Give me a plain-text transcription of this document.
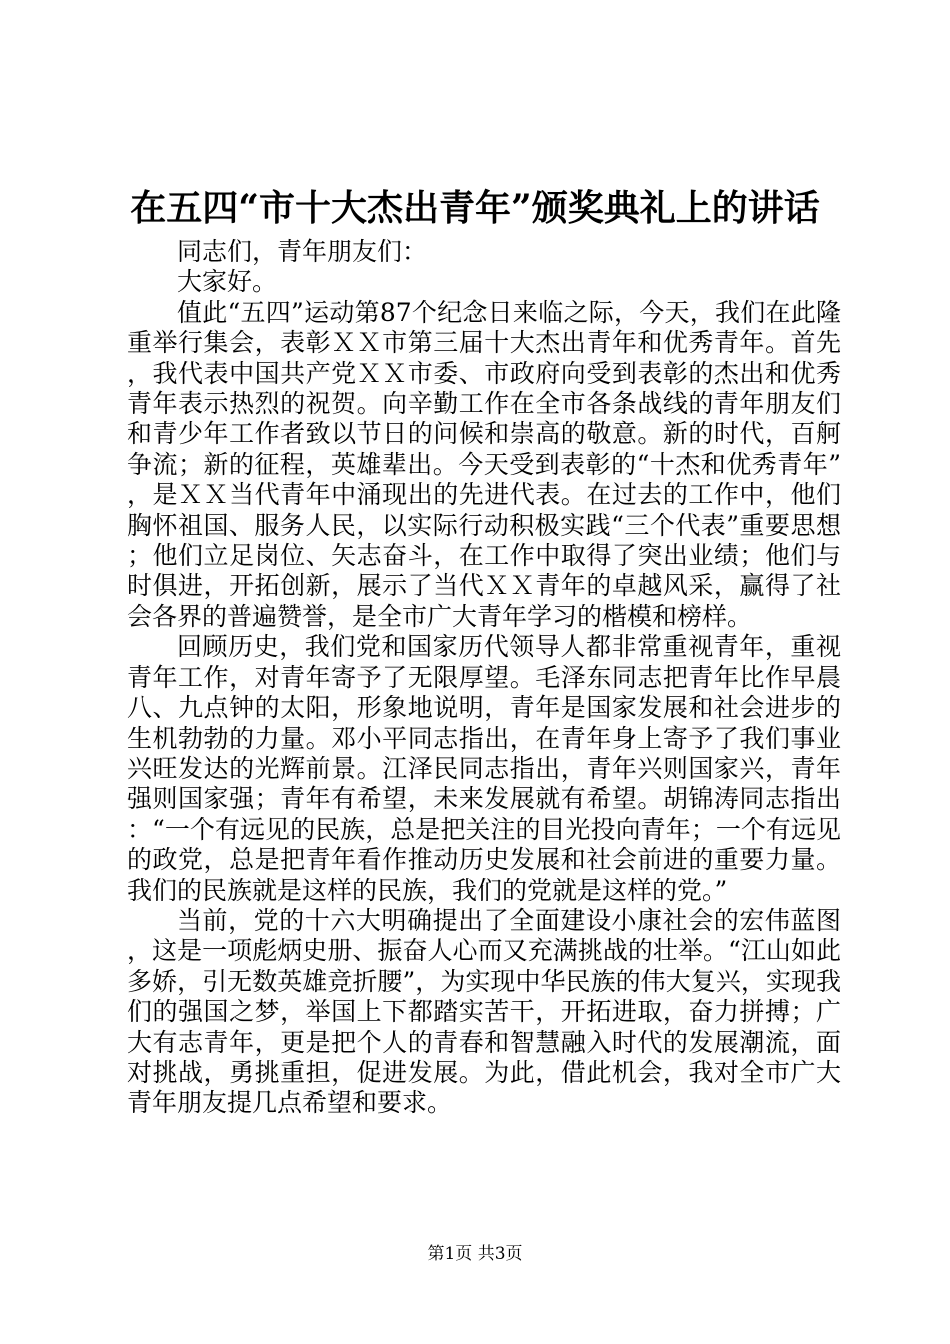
在五四“市十大杰出青年”颁奖典礼上的讲话

同志们，青年朋友们：

大家好。

值此“五四”运动第87个纪念日来临之际，今天，我们在此隆重举行集会，表彰ＸＸ市第三届十大杰出青年和优秀青年。首先，我代表中国共产党ＸＸ市委、市政府向受到表彰的杰出和优秀青年表示热烈的祝贺。向辛勤工作在全市各条战线的青年朋友们和青少年工作者致以节日的问候和崇高的敬意。新的时代，百舸争流；新的征程，英雄辈出。今天受到表彰的“十杰和优秀青年”，是ＸＸ当代青年中涌现出的先进代表。在过去的工作中，他们胸怀祖国、服务人民，以实际行动积极实践“三个代表”重要思想；他们立足岗位、矢志奋斗，在工作中取得了突出业绩；他们与时俱进，开拓创新，展示了当代ＸＸ青年的卓越风采，赢得了社会各界的普遍赞誉，是全市广大青年学习的楷模和榜样。

回顾历史，我们党和国家历代领导人都非常重视青年，重视青年工作，对青年寄予了无限厚望。毛泽东同志把青年比作早晨八、九点钟的太阳，形象地说明，青年是国家发展和社会进步的生机勃勃的力量。邓小平同志指出，在青年身上寄予了我们事业兴旺发达的光辉前景。江泽民同志指出，青年兴则国家兴，青年强则国家强；青年有希望，未来发展就有希望。胡锦涛同志指出：“一个有远见的民族，总是把关注的目光投向青年；一个有远见的政党，总是把青年看作推动历史发展和社会前进的重要力量。我们的民族就是这样的民族，我们的党就是这样的党。”

当前，党的十六大明确提出了全面建设小康社会的宏伟蓝图，这是一项彪炳史册、振奋人心而又充满挑战的壮举。“江山如此多娇，引无数英雄竞折腰”，为实现中华民族的伟大复兴，实现我们的强国之梦，举国上下都踏实苦干，开拓进取，奋力拼搏；广大有志青年，更是把个人的青春和智慧融入时代的发展潮流，面对挑战，勇挑重担，促进发展。为此，借此机会，我对全市广大青年朋友提几点希望和要求。

第1页 共3页
